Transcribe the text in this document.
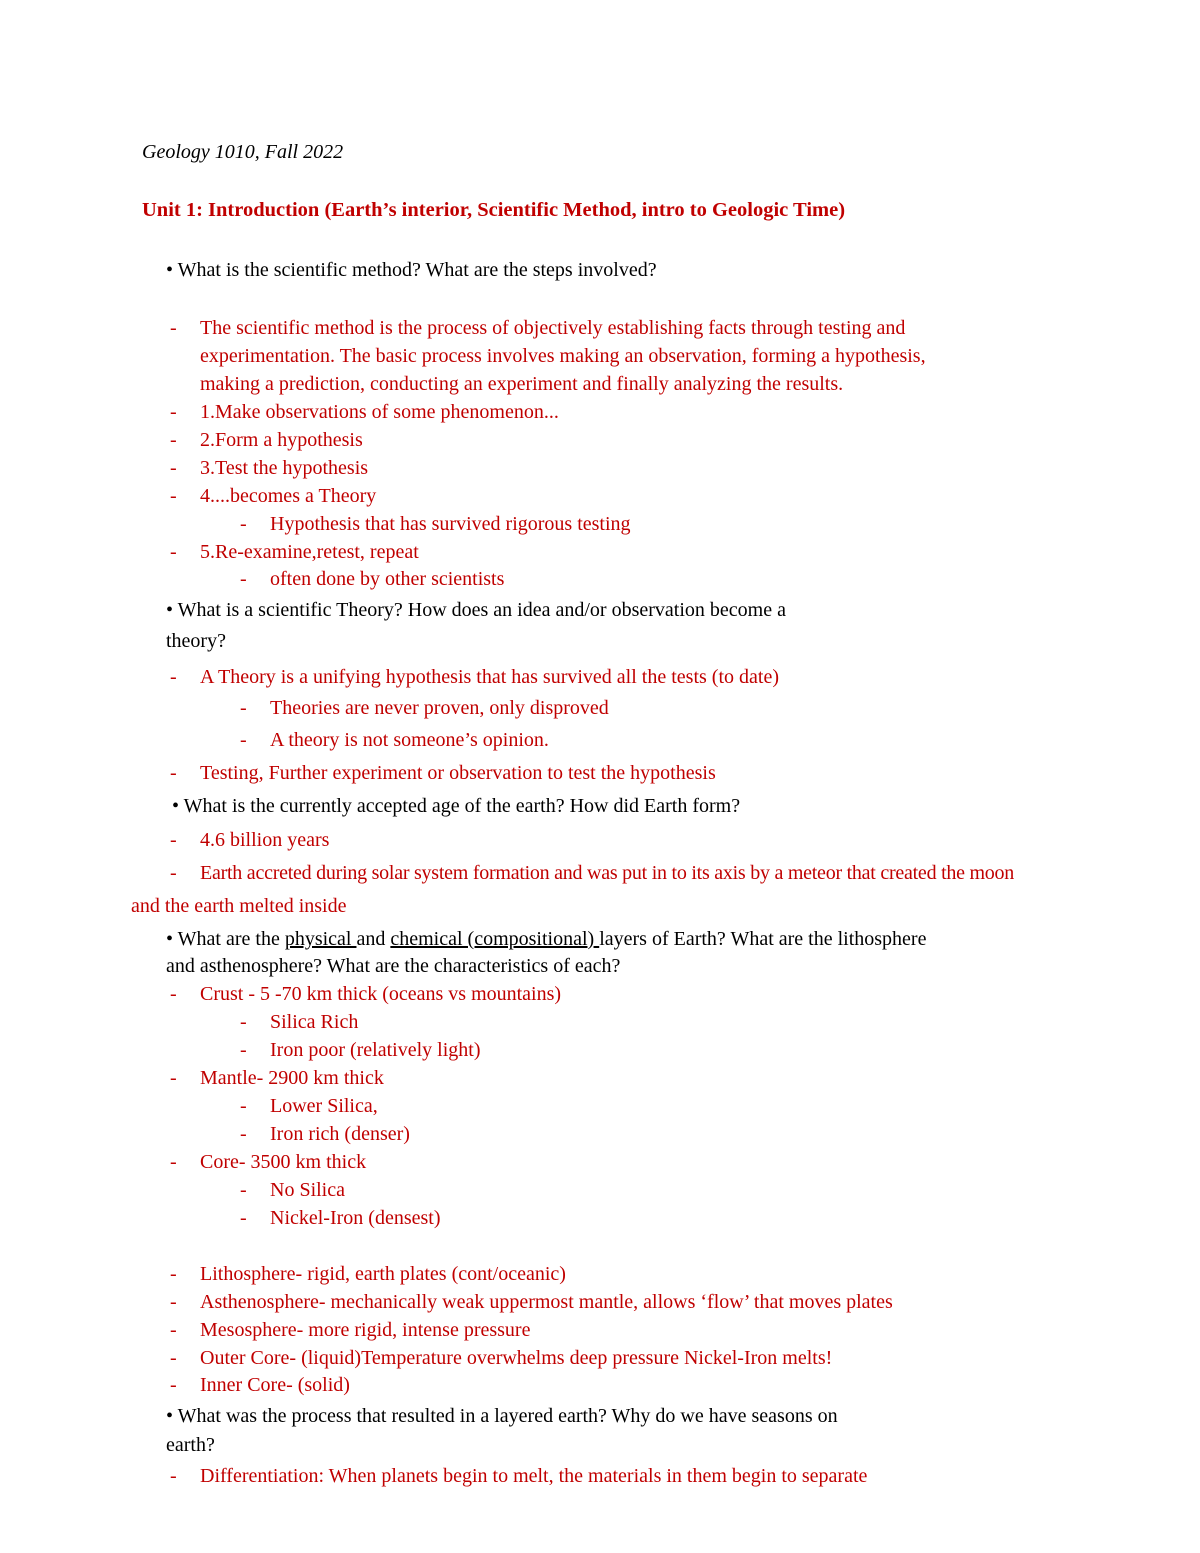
Geology 1010, Fall 2022
Unit 1: Introduction (Earth’s interior, Scientific Method, intro to Geologic Time)
• What is the scientific method? What are the steps involved?
- The scientific method is the process of objectively establishing facts through testing and
experimentation. The basic process involves making an observation, forming a hypothesis,
making a prediction, conducting an experiment and finally analyzing the results.
- 1.Make observations of some phenomenon...
- 2.Form a hypothesis
- 3.Test the hypothesis
- 4....becomes a Theory
- Hypothesis that has survived rigorous testing
- 5.Re-examine,retest, repeat
- often done by other scientists
• What is a scientific Theory? How does an idea and/or observation become a
theory?
- A Theory is a unifying hypothesis that has survived all the tests (to date)
- Theories are never proven, only disproved
- A theory is not someone’s opinion.
- Testing, Further experiment or observation to test the hypothesis
• What is the currently accepted age of the earth? How did Earth form?
- 4.6 billion years
- Earth accreted during solar system formation and was put in to its axis by a meteor that created the moon
and the earth melted inside
• What are the physical and chemical (compositional) layers of Earth? What are the lithosphere
and asthenosphere? What are the characteristics of each?
- Crust - 5 -70 km thick (oceans vs mountains)
- Silica Rich
- Iron poor (relatively light)
- Mantle- 2900 km thick
- Lower Silica,
- Iron rich (denser)
- Core- 3500 km thick
- No Silica
- Nickel-Iron (densest)
- Lithosphere- rigid, earth plates (cont/oceanic)
- Asthenosphere- mechanically weak uppermost mantle, allows ‘flow’ that moves plates
- Mesosphere- more rigid, intense pressure
- Outer Core- (liquid)Temperature overwhelms deep pressure Nickel-Iron melts!
- Inner Core- (solid)
• What was the process that resulted in a layered earth? Why do we have seasons on
earth?
- Differentiation: When planets begin to melt, the materials in them begin to separate
